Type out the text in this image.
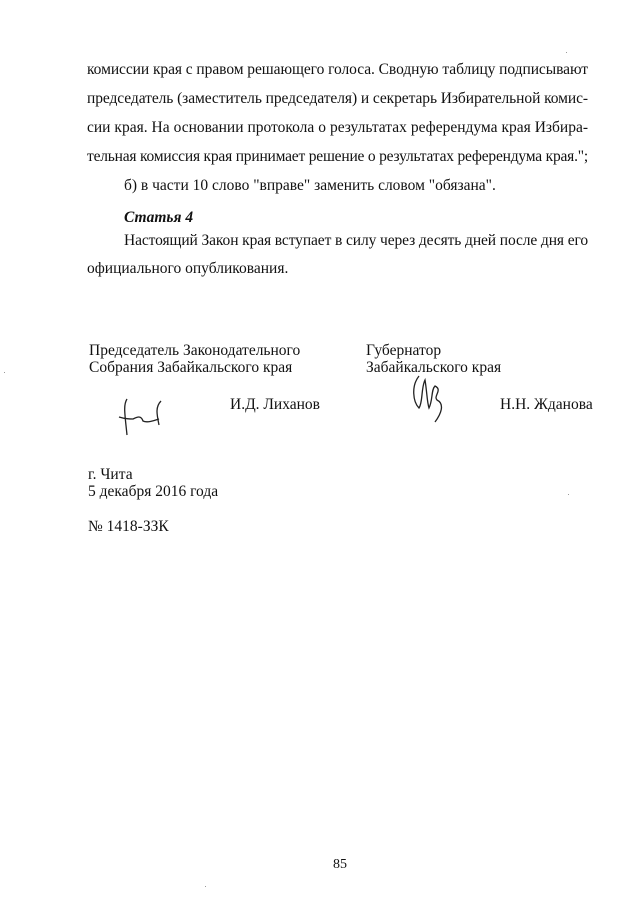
комиссии края с правом решающего голоса. Сводную таблицу подписывают
председатель (заместитель председателя) и секретарь Избирательной комис-
сии края. На основании протокола о результатах референдума края Избира-
тельная комиссия края принимает решение о результатах референдума края.";
б) в части 10 слово "вправе" заменить словом "обязана".
Статья 4
Настоящий Закон края вступает в силу через десять дней после дня его
официального опубликования.
Председатель Законодательного
Собрания Забайкальского края
Губернатор
Забайкальского края
И.Д. Лиханов	Н.Н. Жданова
г. Чита
5 декабря 2016 года
№ 1418-ЗЗК
85
